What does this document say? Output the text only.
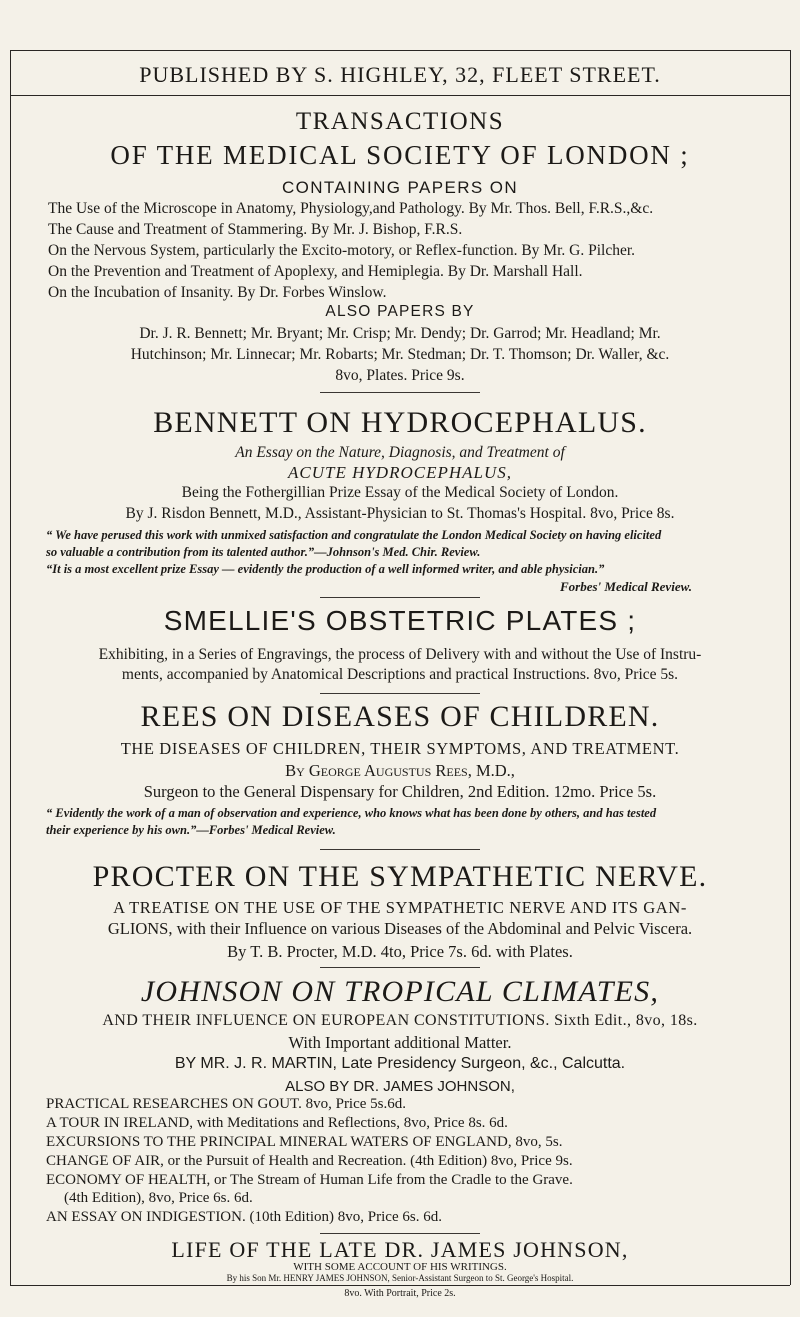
PUBLISHED BY S. HIGHLEY, 32, FLEET STREET.
TRANSACTIONS
OF THE MEDICAL SOCIETY OF LONDON ;
CONTAINING PAPERS ON
The Use of the Microscope in Anatomy, Physiology,and Pathology. By Mr. Thos. Bell, F.R.S.,&c.
The Cause and Treatment of Stammering. By Mr. J. Bishop, F.R.S.
On the Nervous System, particularly the Excito-motory, or Reflex-function. By Mr. G. Pilcher.
On the Prevention and Treatment of Apoplexy, and Hemiplegia. By Dr. Marshall Hall.
On the Incubation of Insanity. By Dr. Forbes Winslow.
ALSO PAPERS BY
Dr. J. R. Bennett; Mr. Bryant; Mr. Crisp; Mr. Dendy; Dr. Garrod; Mr. Headland; Mr.
Hutchinson; Mr. Linnecar; Mr. Robarts; Mr. Stedman; Dr. T. Thomson; Dr. Waller, &c.
8vo, Plates. Price 9s.
BENNETT ON HYDROCEPHALUS.
An Essay on the Nature, Diagnosis, and Treatment of
ACUTE HYDROCEPHALUS,
Being the Fothergillian Prize Essay of the Medical Society of London.
By J. Risdon Bennett, M.D., Assistant-Physician to St. Thomas's Hospital. 8vo, Price 8s.
“ We have perused this work with unmixed satisfaction and congratulate the London Medical Society on having elicited
so valuable a contribution from its talented author.”—Johnson's Med. Chir. Review.
“It is a most excellent prize Essay — evidently the production of a well informed writer, and able physician.”
Forbes' Medical Review.
SMELLIE'S OBSTETRIC PLATES ;
Exhibiting, in a Series of Engravings, the process of Delivery with and without the Use of Instru-
ments, accompanied by Anatomical Descriptions and practical Instructions. 8vo, Price 5s.
REES ON DISEASES OF CHILDREN.
THE DISEASES OF CHILDREN, THEIR SYMPTOMS, AND TREATMENT.
By George Augustus Rees, M.D.,
Surgeon to the General Dispensary for Children, 2nd Edition. 12mo. Price 5s.
“ Evidently the work of a man of observation and experience, who knows what has been done by others, and has tested
their experience by his own.”—Forbes' Medical Review.
PROCTER ON THE SYMPATHETIC NERVE.
A TREATISE ON THE USE OF THE SYMPATHETIC NERVE AND ITS GAN-
GLIONS, with their Influence on various Diseases of the Abdominal and Pelvic Viscera.
By T. B. Procter, M.D. 4to, Price 7s. 6d. with Plates.
JOHNSON ON TROPICAL CLIMATES,
AND THEIR INFLUENCE ON EUROPEAN CONSTITUTIONS. Sixth Edit., 8vo, 18s.
With Important additional Matter.
BY MR. J. R. MARTIN, Late Presidency Surgeon, &c., Calcutta.
ALSO BY DR. JAMES JOHNSON,
PRACTICAL RESEARCHES ON GOUT. 8vo, Price 5s.6d.
A TOUR IN IRELAND, with Meditations and Reflections, 8vo, Price 8s. 6d.
EXCURSIONS TO THE PRINCIPAL MINERAL WATERS OF ENGLAND, 8vo, 5s.
CHANGE OF AIR, or the Pursuit of Health and Recreation. (4th Edition) 8vo, Price 9s.
ECONOMY OF HEALTH, or The Stream of Human Life from the Cradle to the Grave.
(4th Edition), 8vo, Price 6s. 6d.
AN ESSAY ON INDIGESTION. (10th Edition) 8vo, Price 6s. 6d.
LIFE OF THE LATE DR. JAMES JOHNSON,
WITH SOME ACCOUNT OF HIS WRITINGS.
By his Son Mr. HENRY JAMES JOHNSON, Senior-Assistant Surgeon to St. George's Hospital.
8vo. With Portrait, Price 2s.
